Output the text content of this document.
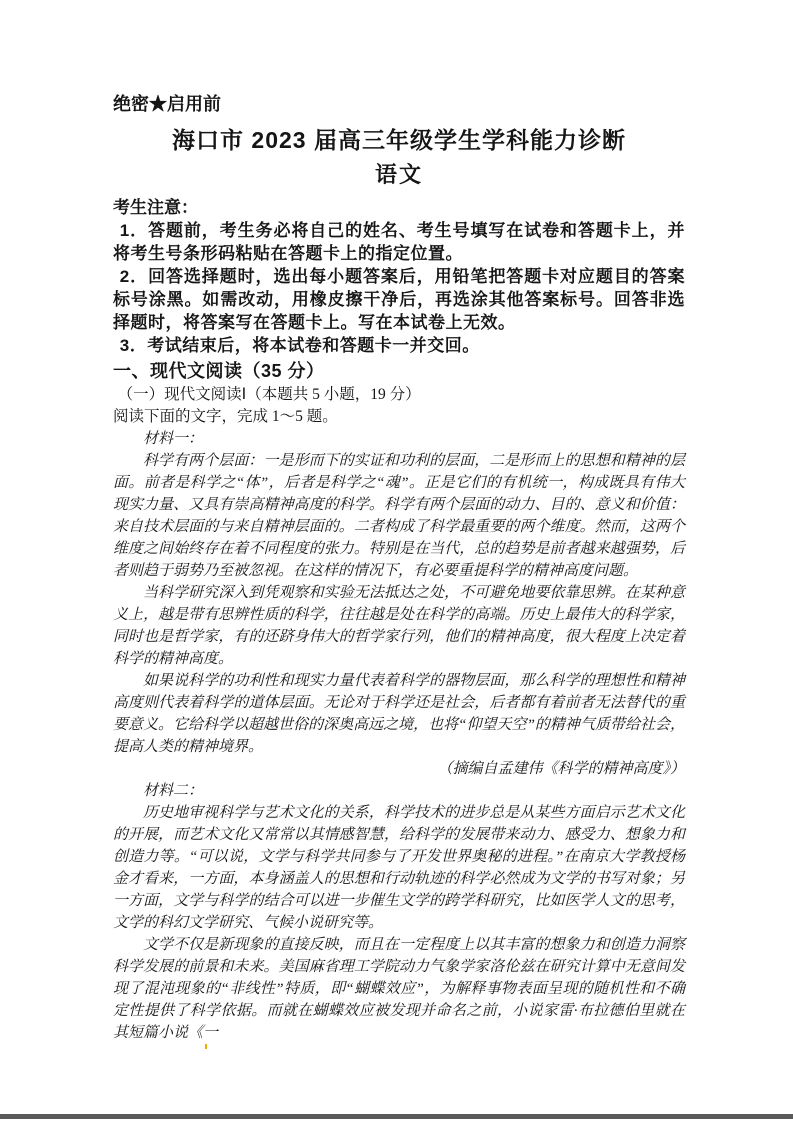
绝密★启用前
海口市 2023 届高三年级学生学科能力诊断
语文
考生注意：

1．答题前，考生务必将自己的姓名、考生号填写在试卷和答题卡上，并将考生号条形码粘贴在答题卡上的指定位置。

2．回答选择题时，选出每小题答案后，用铅笔把答题卡对应题目的答案标号涂黑。如需改动，用橡皮擦干净后，再选涂其他答案标号。回答非选择题时，将答案写在答题卡上。写在本试卷上无效。

3．考试结束后，将本试卷和答题卡一并交回。

一、现代文阅读（35 分）
（一）现代文阅读Ⅰ（本题共 5 小题，19 分）
阅读下面的文字，完成 1～5 题。
材料一：

科学有两个层面：一是形而下的实证和功利的层面，二是形而上的思想和精神的层面。前者是科学之“体”，后者是科学之“魂”。正是它们的有机统一，构成既具有伟大现实力量、又具有崇高精神高度的科学。科学有两个层面的动力、目的、意义和价值：来自技术层面的与来自精神层面的。二者构成了科学最重要的两个维度。然而，这两个维度之间始终存在着不同程度的张力。特别是在当代，总的趋势是前者越来越强势，后者则趋于弱势乃至被忽视。在这样的情况下，有必要重提科学的精神高度问题。

当科学研究深入到凭观察和实验无法抵达之处，不可避免地要依靠思辨。在某种意义上，越是带有思辨性质的科学，往往越是处在科学的高端。历史上最伟大的科学家，同时也是哲学家，有的还跻身伟大的哲学家行列，他们的精神高度，很大程度上决定着科学的精神高度。

如果说科学的功利性和现实力量代表着科学的器物层面，那么科学的理想性和精神高度则代表着科学的道体层面。无论对于科学还是社会，后者都有着前者无法替代的重要意义。它给科学以超越世俗的深奥高远之境，也将“仰望天空”的精神气质带给社会，提高人类的精神境界。

（摘编自孟建伟《科学的精神高度》）
材料二：

历史地审视科学与艺术文化的关系，科学技术的进步总是从某些方面启示艺术文化的开展，而艺术文化又常常以其情感智慧，给科学的发展带来动力、感受力、想象力和创造力等。“可以说，文学与科学共同参与了开发世界奥秘的进程。”在南京大学教授杨金才看来，一方面，本身涵盖人的思想和行动轨迹的科学必然成为文学的书写对象；另一方面，文学与科学的结合可以进一步催生文学的跨学科研究，比如医学人文的思考，文学的科幻文学研究、气候小说研究等。

文学不仅是新现象的直接反映，而且在一定程度上以其丰富的想象力和创造力洞察科学发展的前景和未来。美国麻省理工学院动力气象学家洛伦兹在研究计算中无意间发现了混沌现象的“非线性”特质，即“蝴蝶效应”，为解释事物表面呈现的随机性和不确定性提供了科学依据。而就在蝴蝶效应被发现并命名之前，小说家雷·布拉德伯里就在其短篇小说《一
